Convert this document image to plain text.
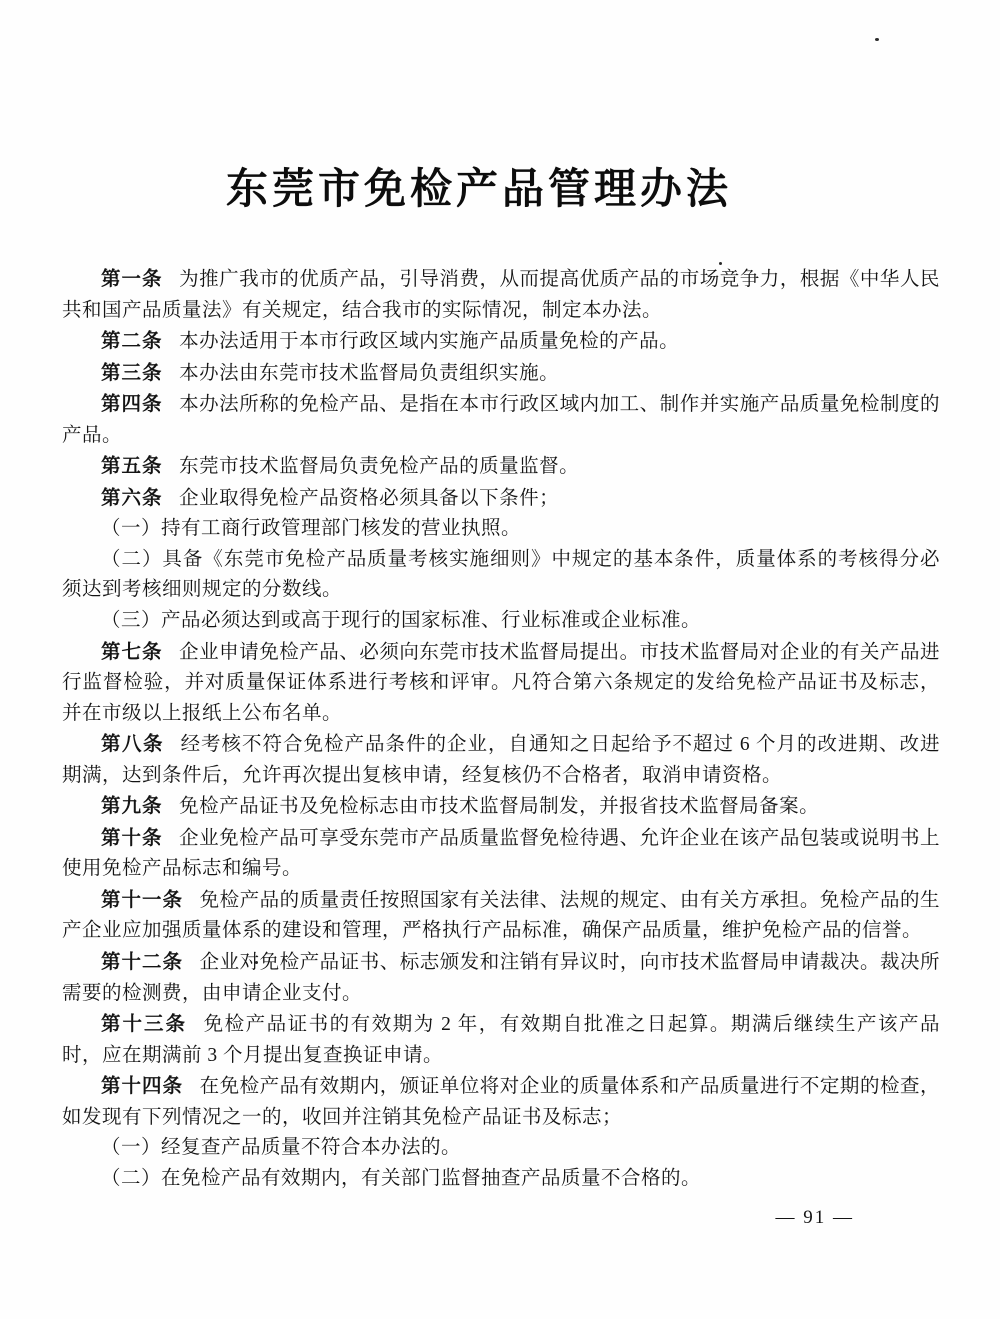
东莞市免检产品管理办法

第一条 为推广我市的优质产品，引导消费，从而提高优质产品的市场竞争力，根据《中华人民共和国产品质量法》有关规定，结合我市的实际情况，制定本办法。

第二条 本办法适用于本市行政区域内实施产品质量免检的产品。

第三条 本办法由东莞市技术监督局负责组织实施。

第四条 本办法所称的免检产品、是指在本市行政区域内加工、制作并实施产品质量免检制度的产品。

第五条 东莞市技术监督局负责免检产品的质量监督。

第六条 企业取得免检产品资格必须具备以下条件；

（一）持有工商行政管理部门核发的营业执照。

（二）具备《东莞市免检产品质量考核实施细则》中规定的基本条件，质量体系的考核得分必须达到考核细则规定的分数线。

（三）产品必须达到或高于现行的国家标准、行业标准或企业标准。

第七条 企业申请免检产品、必须向东莞市技术监督局提出。市技术监督局对企业的有关产品进行监督检验，并对质量保证体系进行考核和评审。凡符合第六条规定的发给免检产品证书及标志，并在市级以上报纸上公布名单。

第八条 经考核不符合免检产品条件的企业，自通知之日起给予不超过 6 个月的改进期、改进期满，达到条件后，允许再次提出复核申请，经复核仍不合格者，取消申请资格。

第九条 免检产品证书及免检标志由市技术监督局制发，并报省技术监督局备案。

第十条 企业免检产品可享受东莞市产品质量监督免检待遇、允许企业在该产品包装或说明书上使用免检产品标志和编号。

第十一条 免检产品的质量责任按照国家有关法律、法规的规定、由有关方承担。免检产品的生产企业应加强质量体系的建设和管理，严格执行产品标准，确保产品质量，维护免检产品的信誉。

第十二条 企业对免检产品证书、标志颁发和注销有异议时，向市技术监督局申请裁决。裁决所需要的检测费，由申请企业支付。

第十三条 免检产品证书的有效期为 2 年，有效期自批准之日起算。期满后继续生产该产品时，应在期满前 3 个月提出复查换证申请。

第十四条 在免检产品有效期内，颁证单位将对企业的质量体系和产品质量进行不定期的检查，如发现有下列情况之一的，收回并注销其免检产品证书及标志；

（一）经复查产品质量不符合本办法的。

（二）在免检产品有效期内，有关部门监督抽查产品质量不合格的。

— 91 —
